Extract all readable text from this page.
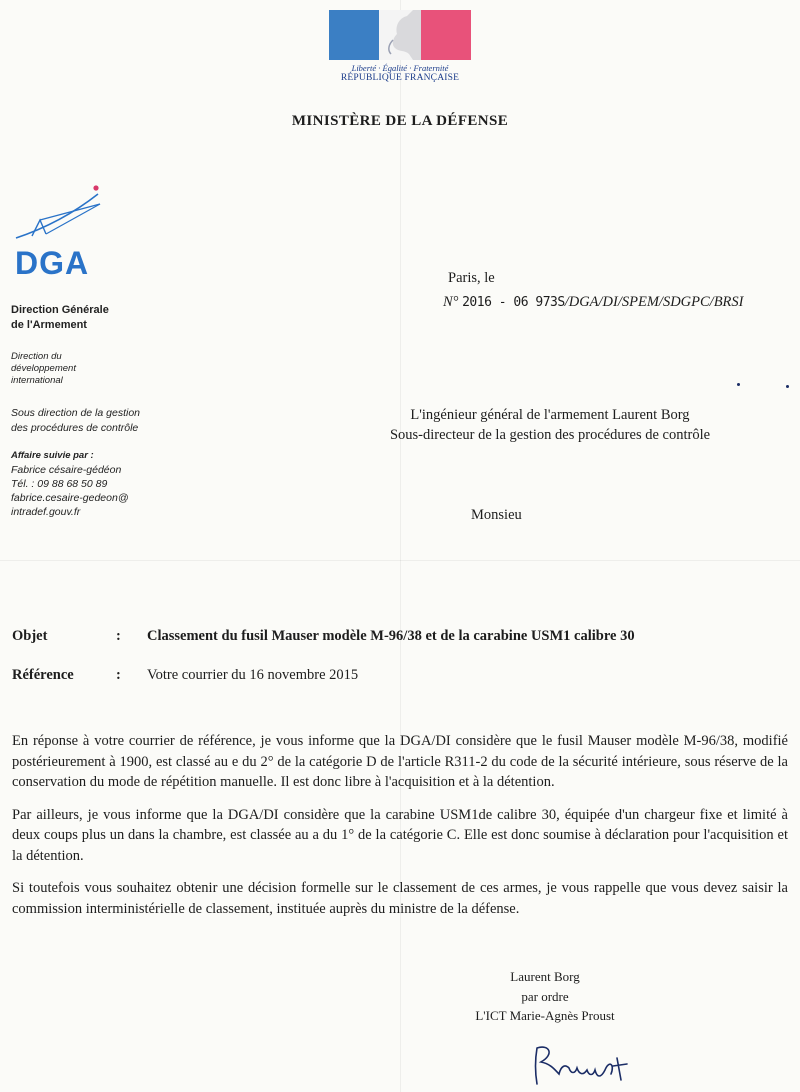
Liberté · Égalité · Fraternité
RÉPUBLIQUE FRANÇAISE
MINISTÈRE DE LA DÉFENSE
DGA
Direction Générale
de l'Armement
Direction du
développement
international
Sous direction de la gestion
des procédures de contrôle
Affaire suivie par :
Fabrice césaire-gédéon
Tél. : 09 88 68 50 89
fabrice.cesaire-gedeon@
intradef.gouv.fr
Paris, le
N° 2016 - 06 973S/DGA/DI/SPEM/SDGPC/BRSI
L'ingénieur général de l'armement Laurent Borg
Sous-directeur de la gestion des procédures de contrôle
Monsieu
Objet	: Classement du fusil Mauser modèle M-96/38 et de la carabine USM1 calibre 30
Référence	: Votre courrier du 16 novembre 2015

En réponse à votre courrier de référence, je vous informe que la DGA/DI considère que le fusil Mauser modèle M-96/38, modifié postérieurement à 1900, est classé au e du 2° de la catégorie D de l'article R311-2 du code de la sécurité intérieure, sous réserve de la conservation du mode de répétition manuelle. Il est donc libre à l'acquisition et à la détention.

Par ailleurs, je vous informe que la DGA/DI considère que la carabine USM1de calibre 30, équipée d'un chargeur fixe et limité à deux coups plus un dans la chambre, est classée au a du 1° de la catégorie C. Elle est donc soumise à déclaration pour l'acquisition et la détention.

Si toutefois vous souhaitez obtenir une décision formelle sur le classement de ces armes, je vous rappelle que vous devez saisir la commission interministérielle de classement, instituée auprès du ministre de la défense.

Laurent Borg
par ordre
L'ICT Marie-Agnès Proust
